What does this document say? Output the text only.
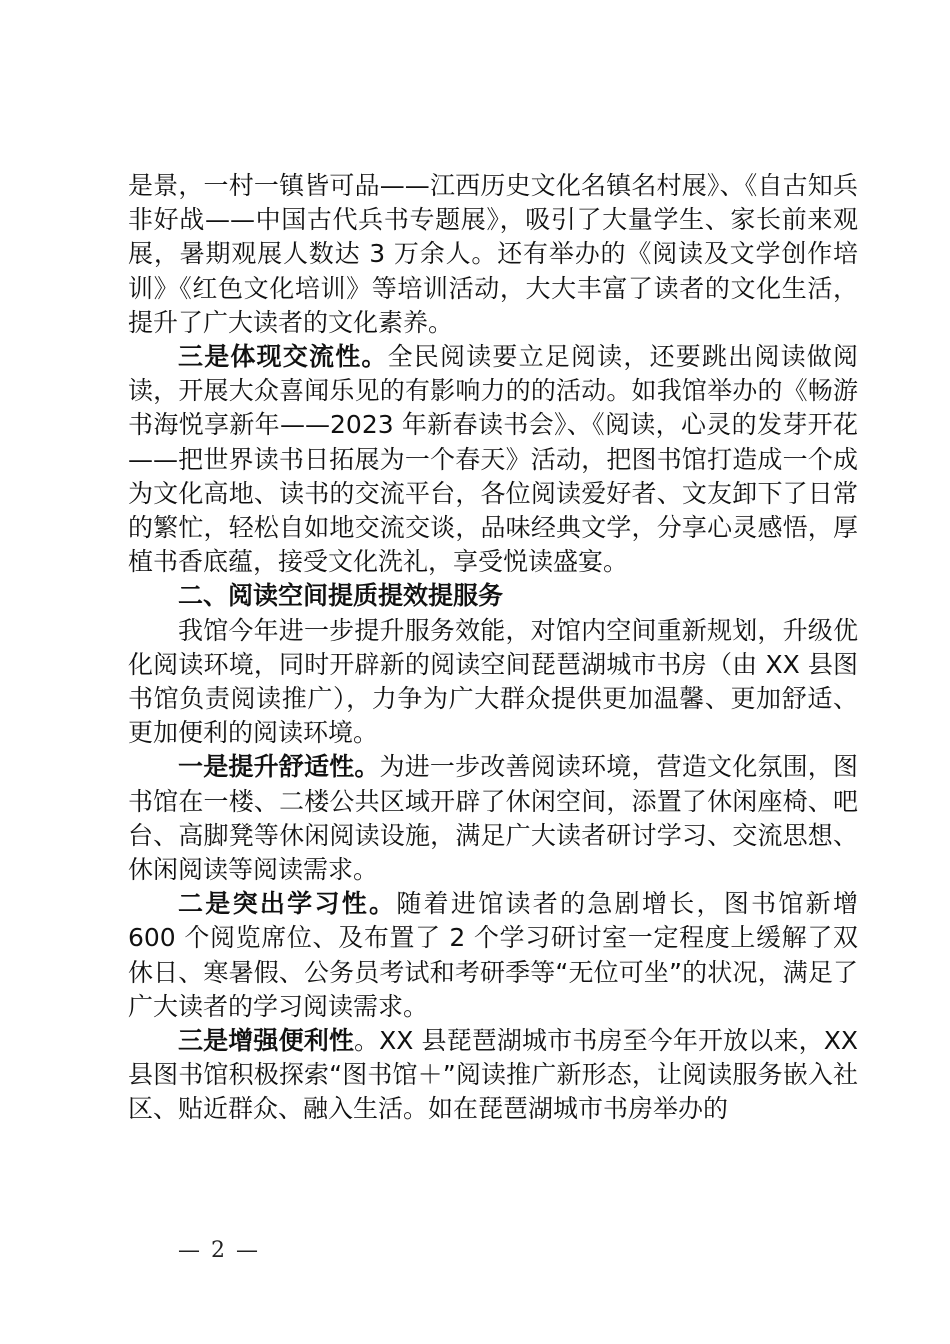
是景，一村一镇皆可品——江西历史文化名镇名村展》、《自古知兵非好战——中国古代兵书专题展》，吸引了大量学生、家长前来观展，暑期观展人数达 3 万余人。还有举办的《阅读及文学创作培训》《红色文化培训》等培训活动，大大丰富了读者的文化生活，提升了广大读者的文化素养。

三是体现交流性。全民阅读要立足阅读，还要跳出阅读做阅读，开展大众喜闻乐见的有影响力的的活动。如我馆举办的《畅游书海悦享新年——2023 年新春读书会》、《阅读，心灵的发芽开花——把世界读书日拓展为一个春天》活动，把图书馆打造成一个成为文化高地、读书的交流平台，各位阅读爱好者、文友卸下了日常的繁忙，轻松自如地交流交谈，品味经典文学，分享心灵感悟，厚植书香底蕴，接受文化洗礼，享受悦读盛宴。

二、阅读空间提质提效提服务

我馆今年进一步提升服务效能，对馆内空间重新规划，升级优化阅读环境，同时开辟新的阅读空间琵琶湖城市书房（由 XX 县图书馆负责阅读推广），力争为广大群众提供更加温馨、更加舒适、更加便利的阅读环境。

一是提升舒适性。为进一步改善阅读环境，营造文化氛围，图书馆在一楼、二楼公共区域开辟了休闲空间，添置了休闲座椅、吧台、高脚凳等休闲阅读设施，满足广大读者研讨学习、交流思想、休闲阅读等阅读需求。

二是突出学习性。随着进馆读者的急剧增长，图书馆新增 600 个阅览席位、及布置了 2 个学习研讨室一定程度上缓解了双休日、寒暑假、公务员考试和考研季等“无位可坐”的状况，满足了广大读者的学习阅读需求。

三是增强便利性。XX 县琵琶湖城市书房至今年开放以来，XX 县图书馆积极探索“图书馆＋”阅读推广新形态，让阅读服务嵌入社区、贴近群众、融入生活。如在琵琶湖城市书房举办的

— 2 —
